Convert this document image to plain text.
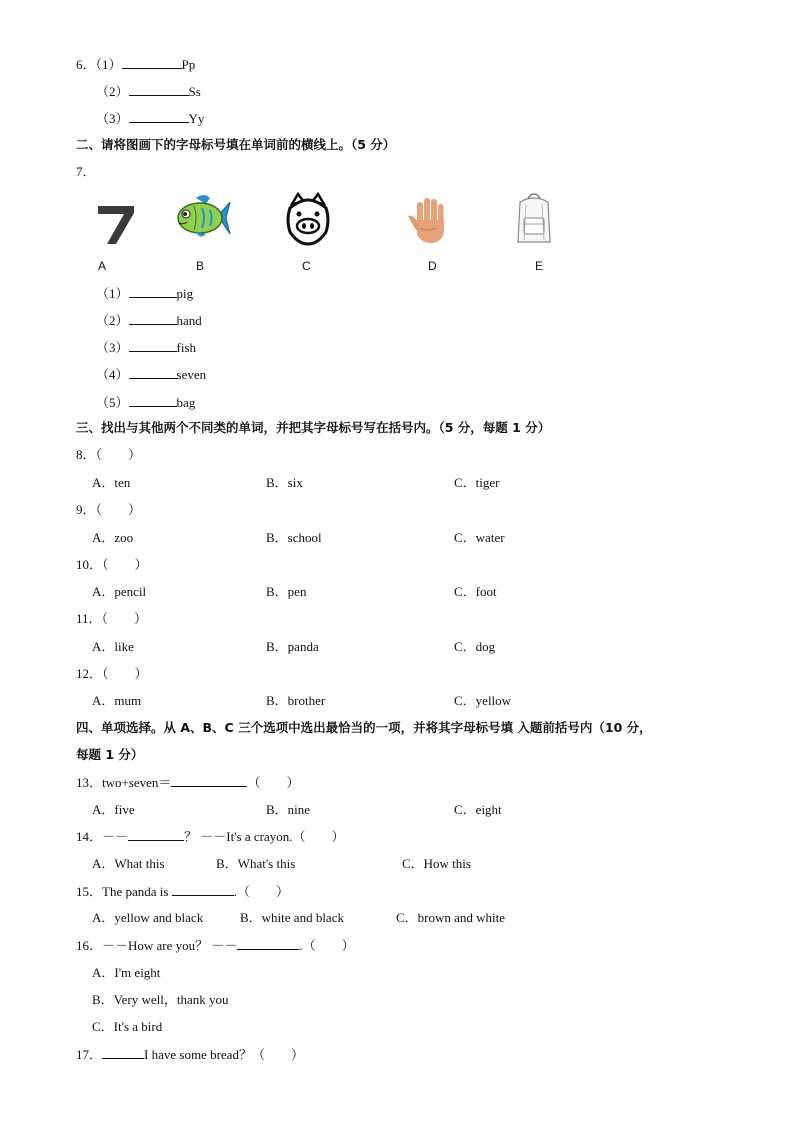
6．（1）	Pp
（2）	Ss
（3）	Yy
二、请将图画下的字母标号填在单词前的横线上。（5 分）
7．
A	B	C	D	E
（1）	pig
（2）	hand
（3）	fish
（4）	seven
（5）	bag
三、找出与其他两个不同类的单词，并把其字母标号写在括号内。（5 分，每题 1 分）
8．（　　）
A．ten	B．six	C．tiger
9．（　　）
A．zoo	B．school	C．water
10．（　　）
A．pencil	B．pen	C．foot
11．（　　）
A．like	B．panda	C．dog
12．（　　）
A．mum	B．brother	C．yellow
四、单项选择。从 A、B、C 三个选项中选出最恰当的一项，并将其字母标号填 入题前括号内（10 分，
每题 1 分）
13．two+seven＝	（　　）
A．five	B．nine	C．eight
14．－－	？ －－It's a crayon.（　　）
A．What this	B．What's this	C．How this
15．The panda is	.（　　）
A．yellow and black	B．white and black	C．brown and white
16．－－How are you？ －－	.（　　）
A．I'm eight
B．Very well，thank you
C．It's a bird
17．	I have some bread？（　　）
